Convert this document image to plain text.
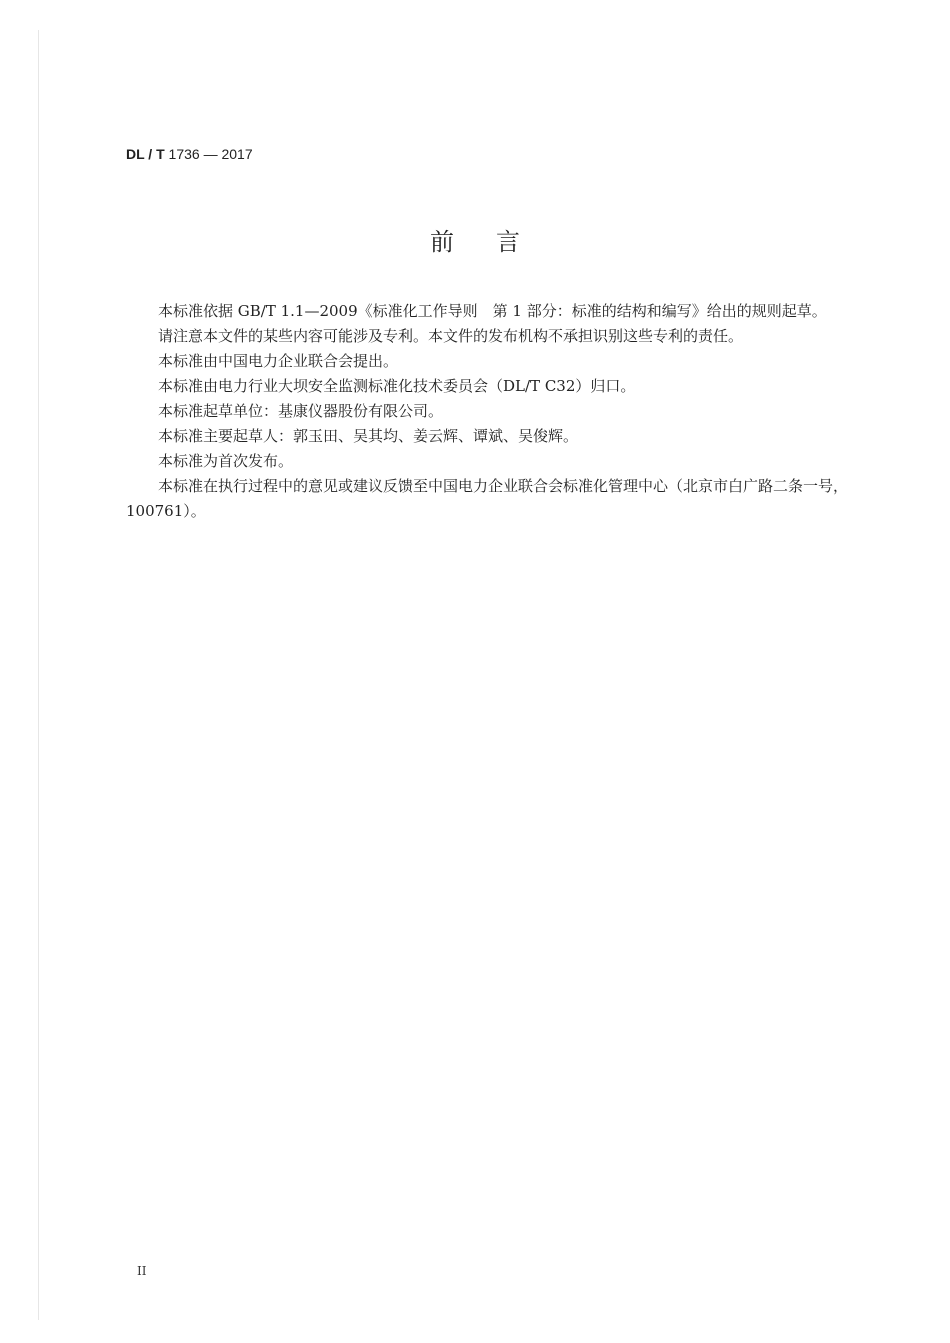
DL / T 1736 — 2017
前言

本标准依据 GB/T 1.1—2009《标准化工作导则　第 1 部分：标准的结构和编写》给出的规则起草。

请注意本文件的某些内容可能涉及专利。本文件的发布机构不承担识别这些专利的责任。

本标准由中国电力企业联合会提出。

本标准由电力行业大坝安全监测标准化技术委员会（DL/T C32）归口。

本标准起草单位：基康仪器股份有限公司。

本标准主要起草人：郭玉田、吴其均、姜云辉、谭斌、吴俊辉。

本标准为首次发布。

本标准在执行过程中的意见或建议反馈至中国电力企业联合会标准化管理中心（北京市白广路二条一号，100761）。

II
